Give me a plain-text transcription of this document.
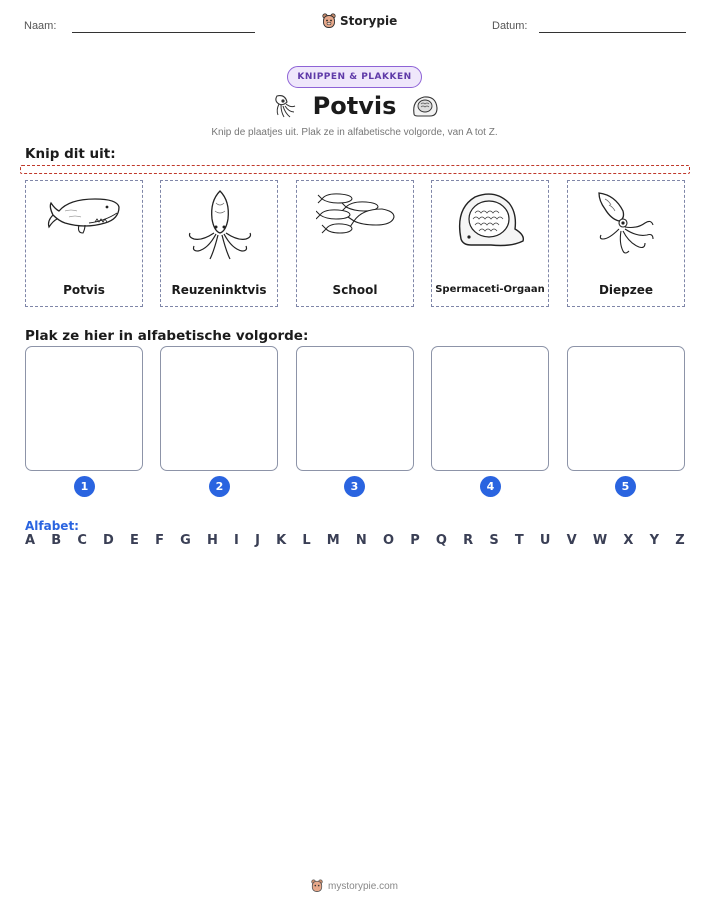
Naam:	Storypie	Datum:
KNIPPEN & PLAKKEN
Potvis
Knip de plaatjes uit. Plak ze in alfabetische volgorde, van A tot Z.
Knip dit uit:
Potvis	Reuzeninktvis	School	Spermaceti-Orgaan	Diepzee
Plak ze hier in alfabetische volgorde:
1	2	3	4	5
Alfabet:
A B C D E F G H I J K L M N O P Q R S T U V W X Y Z
mystorypie.com
